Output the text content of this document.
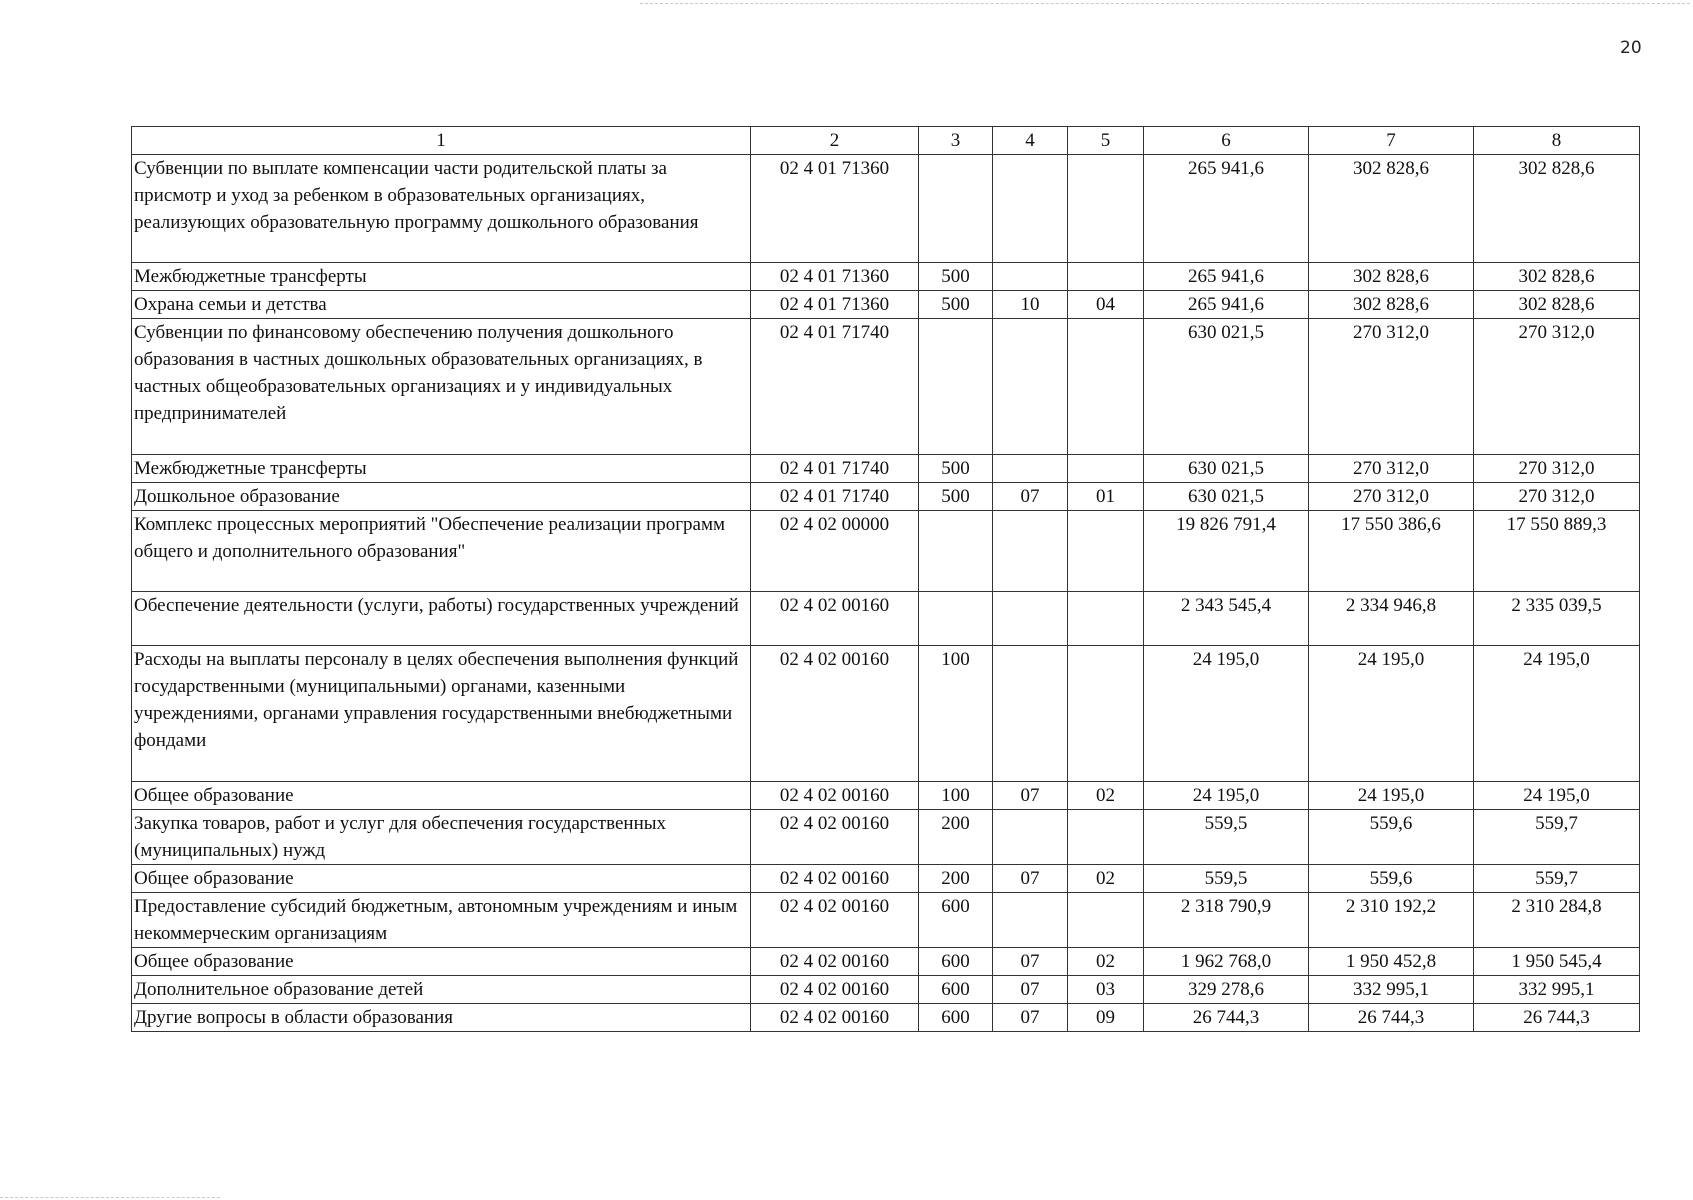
20
1	2	3	4	5	6	7	8
Субвенции по выплате компенсации части родительской платы за присмотр и уход за ребенком в образовательных организациях, реализующих образовательную программу дошкольного образования	02 4 01 71360				265 941,6	302 828,6	302 828,6
Межбюджетные трансферты	02 4 01 71360	500			265 941,6	302 828,6	302 828,6
Охрана семьи и детства	02 4 01 71360	500	10	04	265 941,6	302 828,6	302 828,6
Субвенции по финансовому обеспечению получения дошкольного образования в частных дошкольных образовательных организациях, в частных общеобразовательных организациях и у индивидуальных предпринимателей	02 4 01 71740				630 021,5	270 312,0	270 312,0
Межбюджетные трансферты	02 4 01 71740	500			630 021,5	270 312,0	270 312,0
Дошкольное образование	02 4 01 71740	500	07	01	630 021,5	270 312,0	270 312,0
Комплекс процессных мероприятий "Обеспечение реализации программ общего и дополнительного образования"	02 4 02 00000				19 826 791,4	17 550 386,6	17 550 889,3
Обеспечение деятельности (услуги, работы) государственных учреждений	02 4 02 00160				2 343 545,4	2 334 946,8	2 335 039,5
Расходы на выплаты персоналу в целях обеспечения выполнения функций государственными (муниципальными) органами, казенными учреждениями, органами управления государственными внебюджетными фондами	02 4 02 00160	100			24 195,0	24 195,0	24 195,0
Общее образование	02 4 02 00160	100	07	02	24 195,0	24 195,0	24 195,0
Закупка товаров, работ и услуг для обеспечения государственных (муниципальных) нужд	02 4 02 00160	200			559,5	559,6	559,7
Общее образование	02 4 02 00160	200	07	02	559,5	559,6	559,7
Предоставление субсидий бюджетным, автономным учреждениям и иным некоммерческим организациям	02 4 02 00160	600			2 318 790,9	2 310 192,2	2 310 284,8
Общее образование	02 4 02 00160	600	07	02	1 962 768,0	1 950 452,8	1 950 545,4
Дополнительное образование детей	02 4 02 00160	600	07	03	329 278,6	332 995,1	332 995,1
Другие вопросы в области образования	02 4 02 00160	600	07	09	26 744,3	26 744,3	26 744,3
